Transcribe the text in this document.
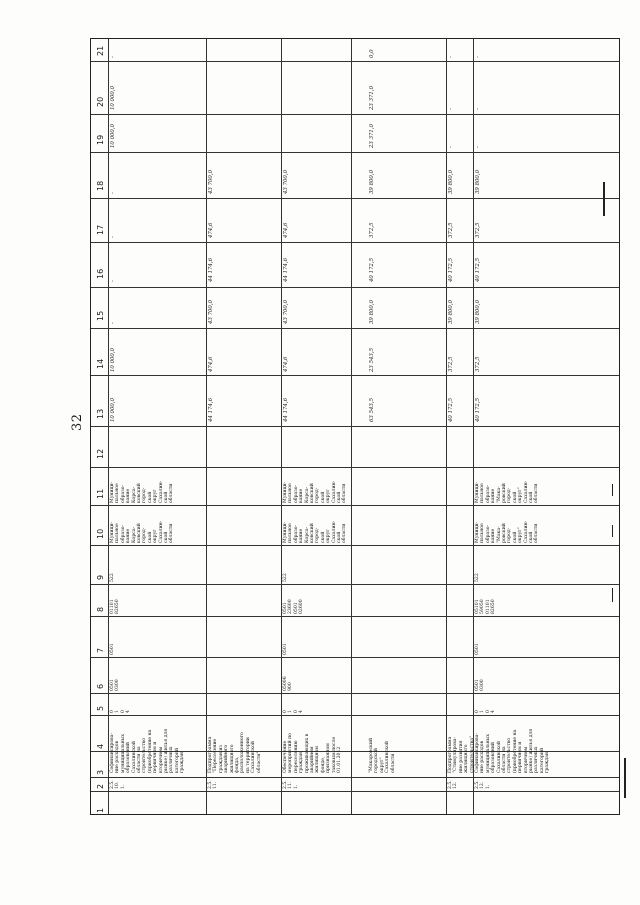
32
1
2
3
4
5
6
7
8
9
10
11
12
13
14
15
16
17
18
19
20
21
2.5.
10.
1.
Софинансирова-
ние расходов
муниципальных
образований
Сахалинской
области на
строительство
(приобретение на
первичном и
вторичном
рынке) жилья для
различных
категорий
граждан
0
1
0
4
0501
0300
0501
01101
82650
522
Муници-
пальное
образо-
вание
Корса-
ковский
город-
ской
округ
Сахалин-
ской
области
Муници-
пальное
образо-
вание
Корса-
ковский
город-
ской
округ
Сахалин-
ской
области
10 000,0
10 000,0
-
-
-
-
10 000,0
10 000,0
-
2.5.
11.
Подпрограмма
"Переселение
граждан из
аварийного
жилищного
фонда,
расположенного
на территории
Сахалинской
области"
44 174,6
474,6
43 700,0
44 174,6
474,6
43 700,0
2.5.
11.
1.
Обеспечение
мероприятий по
переселению
граждан,
проживающих в
аварийном
жилищном
фонде,
признанном
таковым после
01.01.2012
0
1
0
4
05006
900
0501
0501
23600
0501
02600
522
Муници-
пальное
образо-
вание
Корса-
ковский
город-
ской
округ
Сахалин-
ской
области
Муници-
пальное
образо-
вание
Корса-
ковский
город-
ской
округ
Сахалин-
ской
области
44 174,6
474,6
43 700,0
44 174,6
474,6
43 700,0
"Макаровский
городской
округ"
Сахалинской
области
63 543,5
23 543,5
39 800,0
40 172,5
372,5
39 800,0
23 371,0
23 371,0
0,0
2.5.
12.
Подпрограмма
"Стимулирова-
ние развития
жилищного
строительства"
40 172,5
372,5
39 800,0
40 172,5
372,5
39 800,0
-
-
-
2.5.
12.
1.
Софинансирова-
ние расходов
муниципальных
образований
Сахалинской
области на
строительство
(приобретение на
первичном и
вторичном
рынке) жилья для
различных
категорий
граждан
0
1
0
4
0501
0300
0501
05101
59050
01101
82650
522
Муници-
пальное
образо-
вание
"Мака-
ровский
город-
ской
округ"
Сахалин-
ской
области
Муници-
пальное
образо-
вание
"Мака-
ровский
город-
ской
округ"
Сахалин-
ской
области
40 172,5
372,5
39 800,0
40 172,5
372,5
39 800,0
-
-
-
